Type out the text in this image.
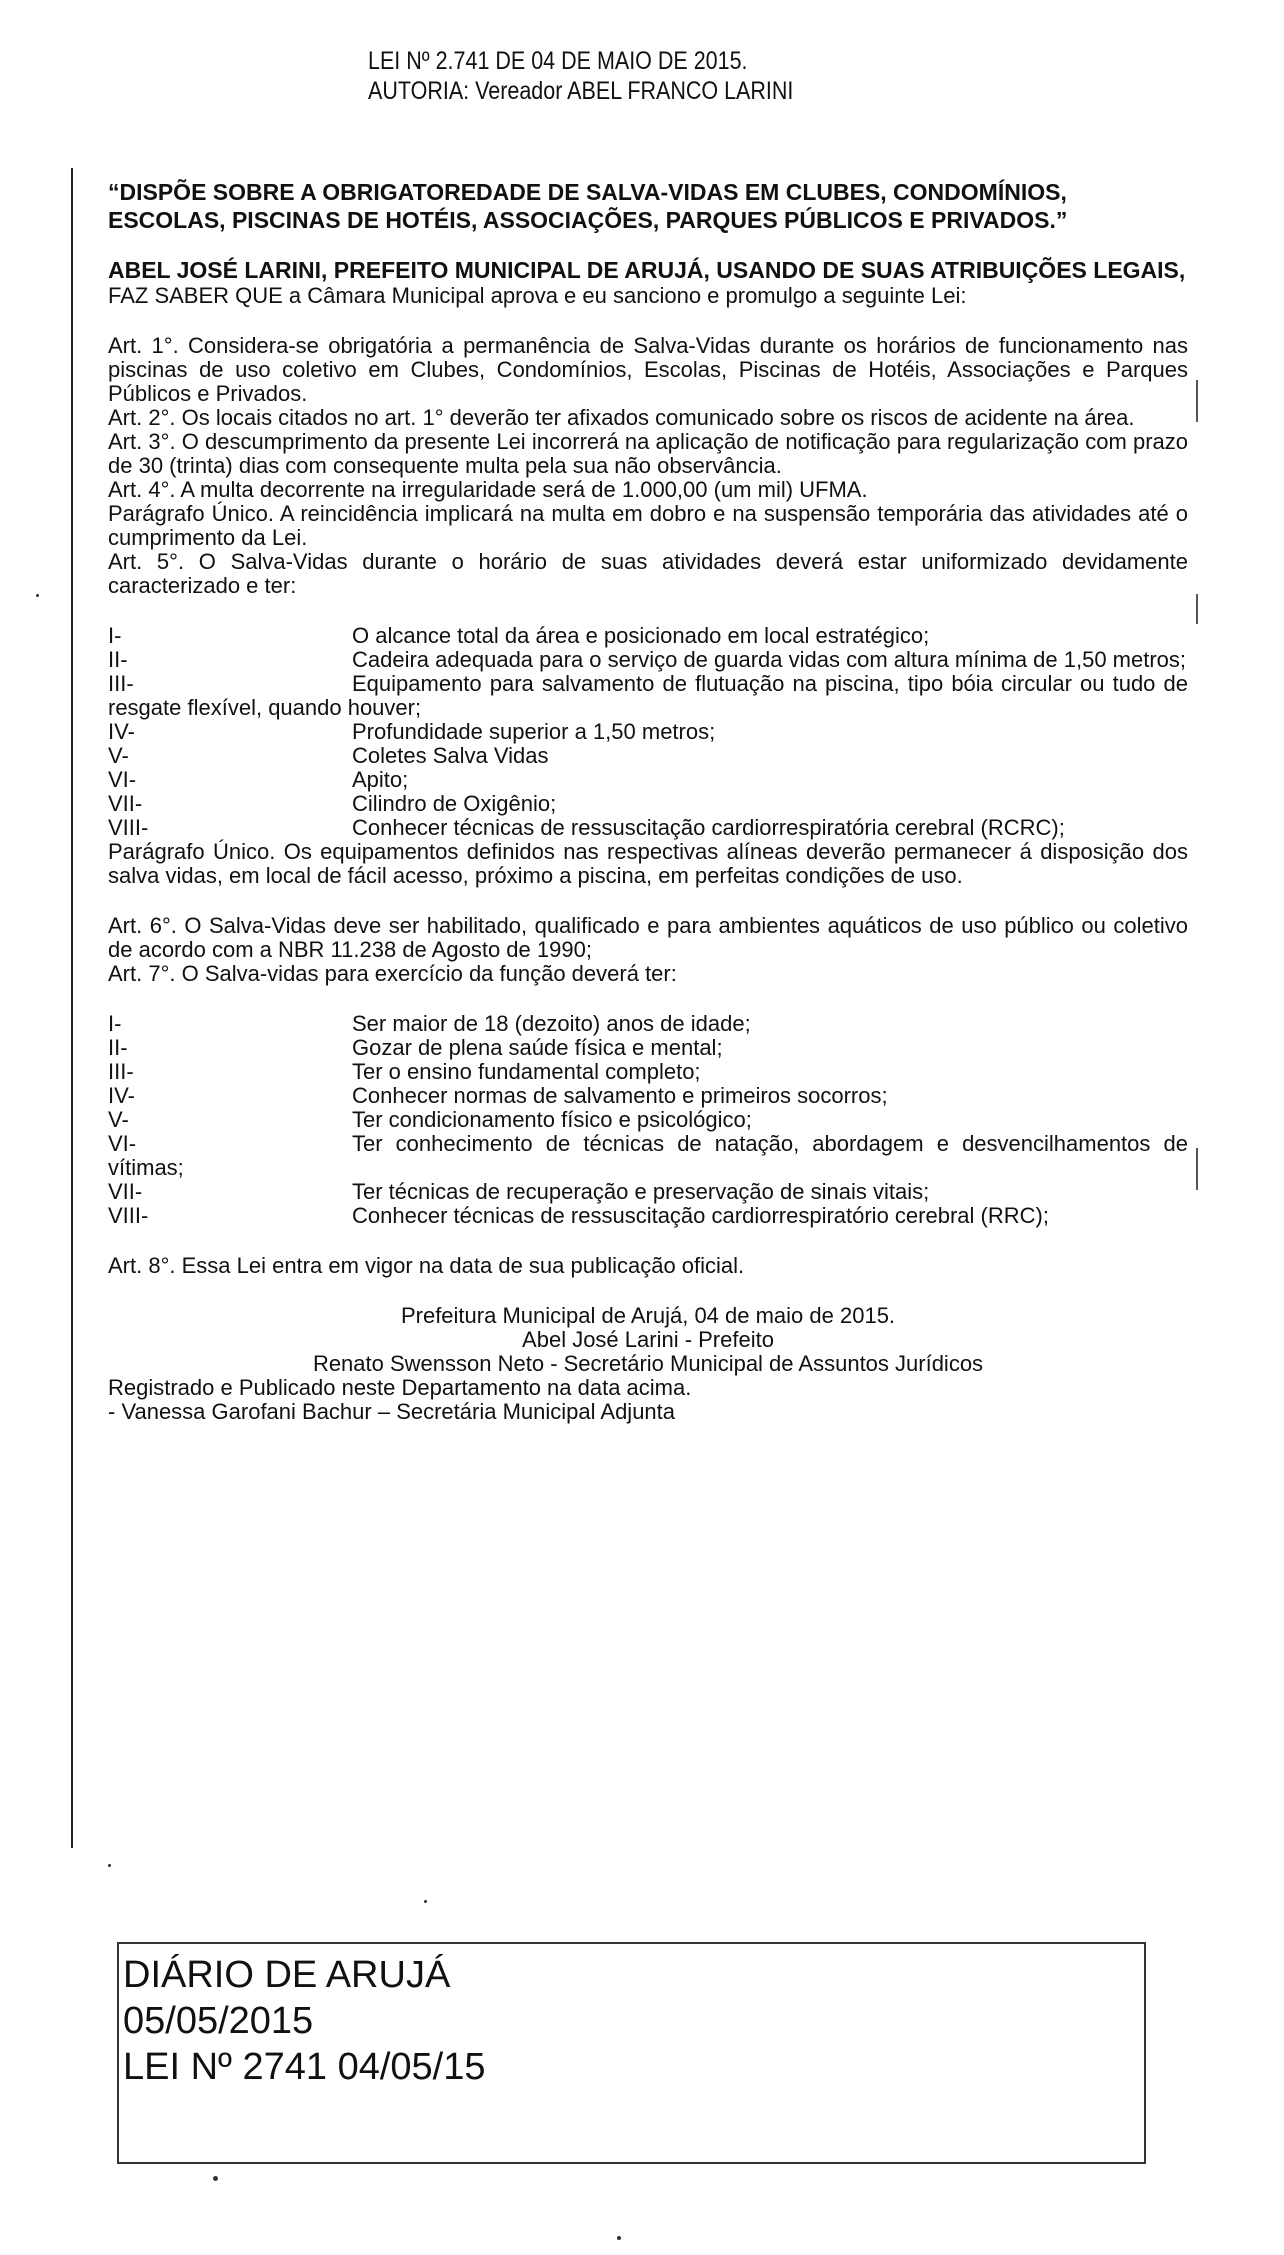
LEI Nº 2.741 DE 04 DE MAIO DE 2015.
AUTORIA: Vereador ABEL FRANCO LARINI

“DISPÕE SOBRE A OBRIGATOREDADE DE SALVA-VIDAS EM CLUBES, CONDOMÍNIOS, ESCOLAS, PISCINAS DE HOTÉIS, ASSOCIAÇÕES, PARQUES PÚBLICOS E PRIVADOS.”

ABEL JOSÉ LARINI, PREFEITO MUNICIPAL DE ARUJÁ, USANDO DE SUAS ATRIBUIÇÕES LEGAIS,

FAZ SABER QUE a Câmara Municipal aprova e eu sanciono e promulgo a seguinte Lei:

Art. 1°. Considera-se obrigatória a permanência de Salva-Vidas durante os horários de funcionamento nas piscinas de uso coletivo em Clubes, Condomínios, Escolas, Piscinas de Hotéis, Associações e Parques Públicos e Privados.

Art. 2°. Os locais citados no art. 1° deverão ter afixados comunicado sobre os riscos de acidente na área.

Art. 3°. O descumprimento da presente Lei incorrerá na aplicação de notificação para regularização com prazo de 30 (trinta) dias com consequente multa pela sua não observância.

Art. 4°. A multa decorrente na irregularidade será de 1.000,00 (um mil) UFMA.

Parágrafo Único. A reincidência implicará na multa em dobro e na suspensão temporária das atividades até o cumprimento da Lei.

Art. 5°. O Salva-Vidas durante o horário de suas atividades deverá estar uniformizado devidamente caracterizado e ter:

I-	O alcance total da área e posicionado em local estratégico;
II-	Cadeira adequada para o serviço de guarda vidas com altura mínima de 1,50 metros;
III-	Equipamento para salvamento de flutuação na piscina, tipo bóia circular ou tudo de resgate flexível, quando houver;
IV-	Profundidade superior a 1,50 metros;
V-	Coletes Salva Vidas
VI-	Apito;
VII-	Cilindro de Oxigênio;
VIII-	Conhecer técnicas de ressuscitação cardiorrespiratória cerebral (RCRC);

Parágrafo Único. Os equipamentos definidos nas respectivas alíneas deverão permanecer á disposição dos salva vidas, em local de fácil acesso, próximo a piscina, em perfeitas condições de uso.

Art. 6°. O Salva-Vidas deve ser habilitado, qualificado e para ambientes aquáticos de uso público ou coletivo de acordo com a NBR 11.238 de Agosto de 1990;

Art. 7°. O Salva-vidas para exercício da função deverá ter:

I-	Ser maior de 18 (dezoito) anos de idade;
II-	Gozar de plena saúde física e mental;
III-	Ter o ensino fundamental completo;
IV-	Conhecer normas de salvamento e primeiros socorros;
V-	Ter condicionamento físico e psicológico;
VI-	Ter conhecimento de técnicas de natação, abordagem e desvencilhamentos de vítimas;
VII-	Ter técnicas de recuperação e preservação de sinais vitais;
VIII-	Conhecer técnicas de ressuscitação cardiorrespiratório cerebral (RRC);

Art. 8°. Essa Lei entra em vigor na data de sua publicação oficial.

Prefeitura Municipal de Arujá, 04 de maio de 2015.

Abel José Larini - Prefeito

Renato Swensson Neto - Secretário Municipal de Assuntos Jurídicos

Registrado e Publicado neste Departamento na data acima.

- Vanessa Garofani Bachur – Secretária Municipal Adjunta

DIÁRIO DE ARUJÁ
05/05/2015
LEI Nº 2741 04/05/15
